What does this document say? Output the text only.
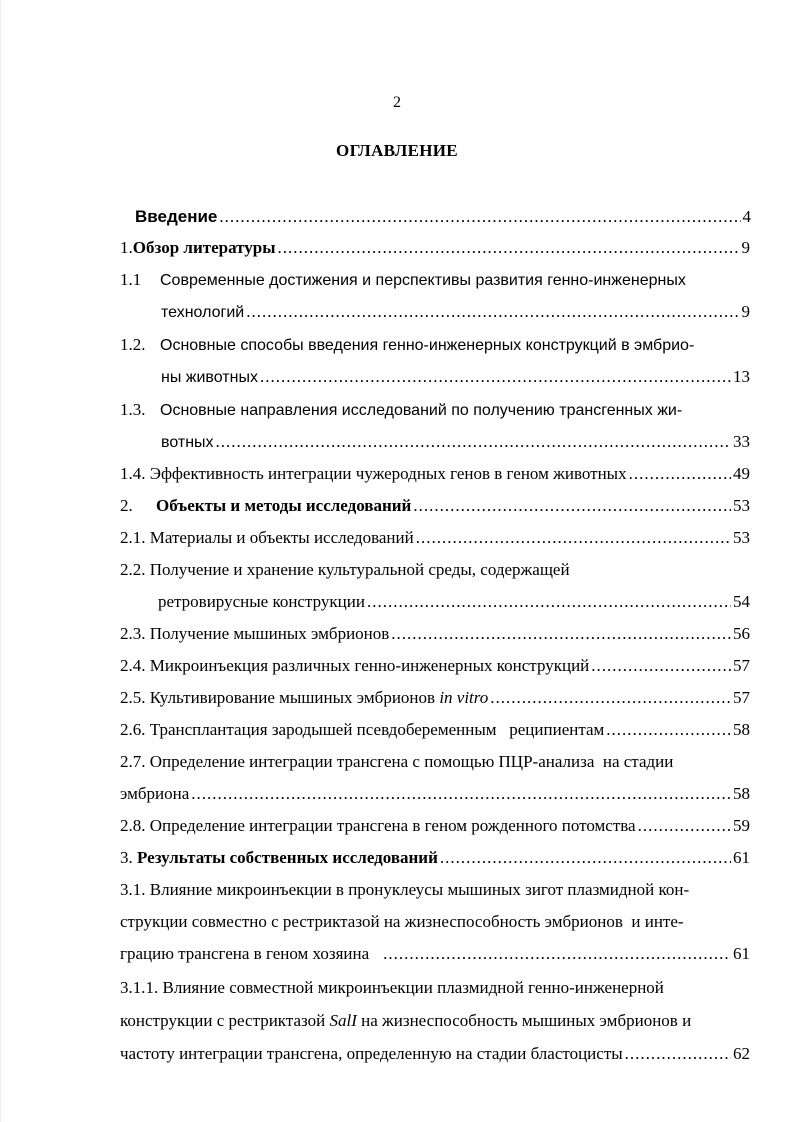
2
ОГЛАВЛЕНИЕ
Введение .....	4
1.Обзор литературы .....	9
1.1 Современные достижения и перспективы развития генно-инженерных
технологий .....	9
1.2. Основные способы введения генно-инженерных конструкций в эмбрио-
ны животных .....	13
1.3. Основные направления исследований по получению трансгенных жи-
вотных .....	33
1.4. Эффективность интеграции чужеродных генов в геном животных .....	49
2. Объекты и методы исследований .....	53
2.1. Материалы и объекты исследований .....	53
2.2. Получение и хранение культуральной среды, содержащей
ретровирусные конструкции .....	54
2.3. Получение мышиных эмбрионов .....	56
2.4. Микроинъекция различных генно-инженерных конструкций .....	57
2.5. Культивирование мышиных эмбрионов in vitro .....	57
2.6. Трансплантация зародышей псевдобеременным   реципиентам .....	58
2.7. Определение интеграции трансгена с помощью ПЦР-анализа  на стадии
эмбриона .....	58
2.8. Определение интеграции трансгена в геном рожденного потомства .....	59
3. Результаты собственных исследований .....	61
3.1. Влияние микроинъекции в пронуклеусы мышиных зигот плазмидной кон-
струкции совместно с рестриктазой на жизнеспособность эмбрионов  и инте-
грацию трансгена в геном хозяина .....	61
3.1.1. Влияние совместной микроинъекции плазмидной генно-инженерной
конструкции с рестриктазой SalI на жизнеспособность мышиных эмбрионов и
частоту интеграции трансгена, определенную на стадии бластоцисты .....	62
